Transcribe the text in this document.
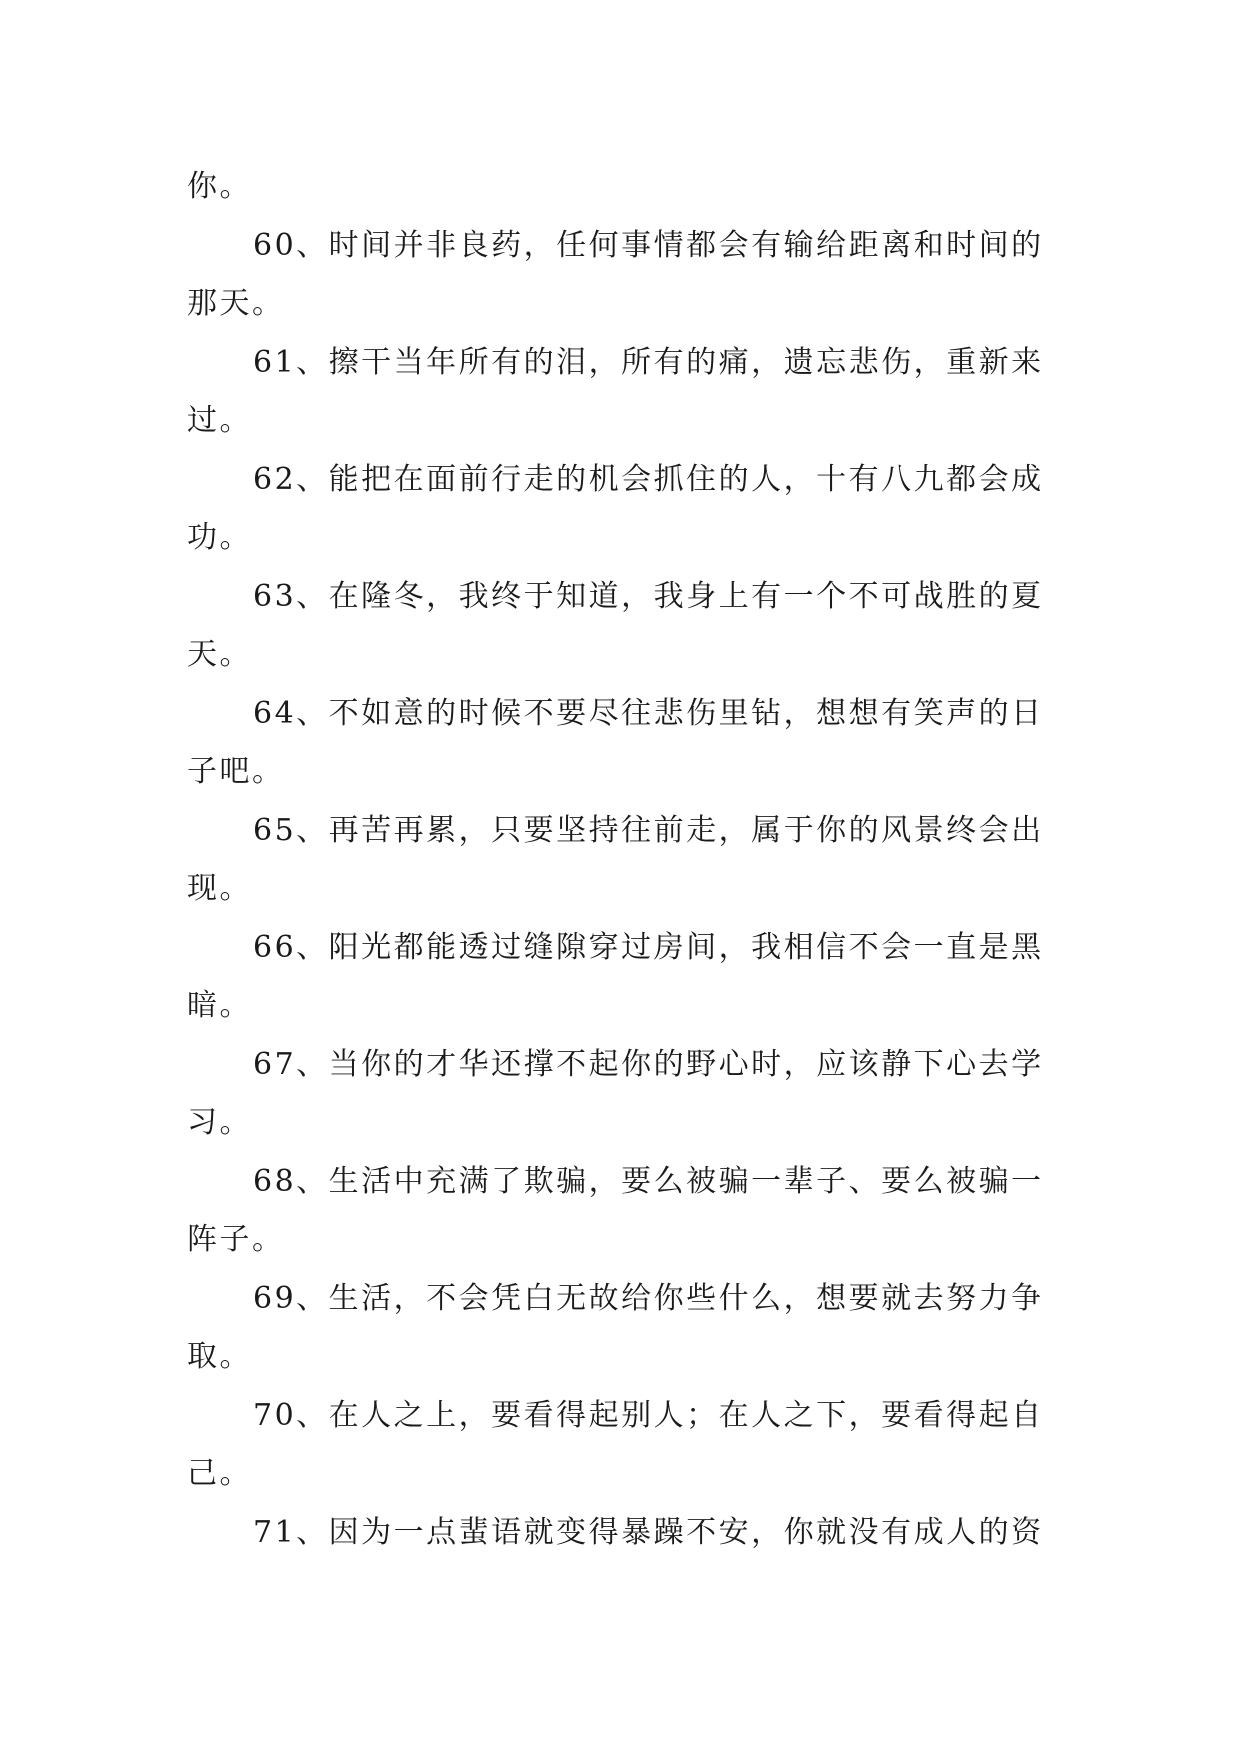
你。
60、时间并非良药，任何事情都会有输给距离和时间的
那天。
61、擦干当年所有的泪，所有的痛，遗忘悲伤，重新来
过。
62、能把在面前行走的机会抓住的人，十有八九都会成
功。
63、在隆冬，我终于知道，我身上有一个不可战胜的夏
天。
64、不如意的时候不要尽往悲伤里钻，想想有笑声的日
子吧。
65、再苦再累，只要坚持往前走，属于你的风景终会出
现。
66、阳光都能透过缝隙穿过房间，我相信不会一直是黑
暗。
67、当你的才华还撑不起你的野心时，应该静下心去学
习。
68、生活中充满了欺骗，要么被骗一辈子、要么被骗一
阵子。
69、生活，不会凭白无故给你些什么，想要就去努力争
取。
70、在人之上，要看得起别人；在人之下，要看得起自
己。
71、因为一点蜚语就变得暴躁不安，你就没有成人的资
